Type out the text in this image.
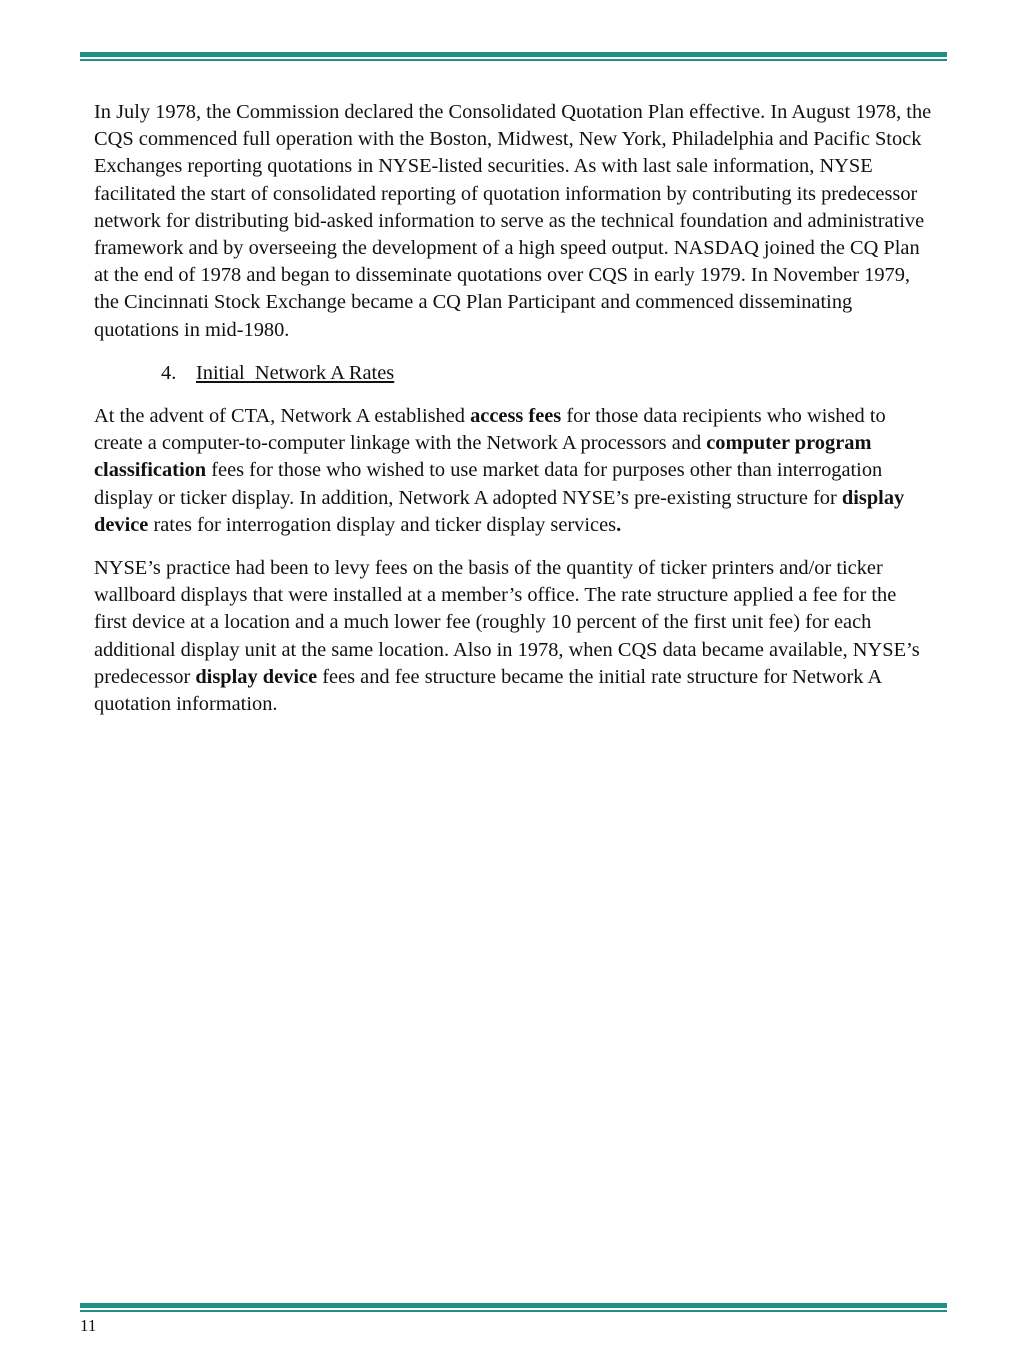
In July 1978, the Commission declared the Consolidated Quotation Plan effective. In August 1978, the CQS commenced full operation with the Boston, Midwest, New York, Philadelphia and Pacific Stock Exchanges reporting quotations in NYSE-listed securities. As with last sale information, NYSE facilitated the start of consolidated reporting of quotation information by contributing its predecessor network for distributing bid-asked information to serve as the technical foundation and administrative framework and by overseeing the development of a high speed output. NASDAQ joined the CQ Plan at the end of 1978 and began to disseminate quotations over CQS in early 1979. In November 1979, the Cincinnati Stock Exchange became a CQ Plan Participant and commenced disseminating quotations in mid-1980.

4. Initial  Network A Rates

At the advent of CTA, Network A established access fees for those data recipients who wished to create a computer-to-computer linkage with the Network A processors and computer program classification fees for those who wished to use market data for purposes other than interrogation display or ticker display. In addition, Network A adopted NYSE’s pre-existing structure for display device rates for interrogation display and ticker display services.

NYSE’s practice had been to levy fees on the basis of the quantity of ticker printers and/or ticker wallboard displays that were installed at a member’s office. The rate structure applied a fee for the first device at a location and a much lower fee (roughly 10 percent of the first unit fee) for each additional display unit at the same location. Also in 1978, when CQS data became available, NYSE’s predecessor display device fees and fee structure became the initial rate structure for Network A quotation information.

11
